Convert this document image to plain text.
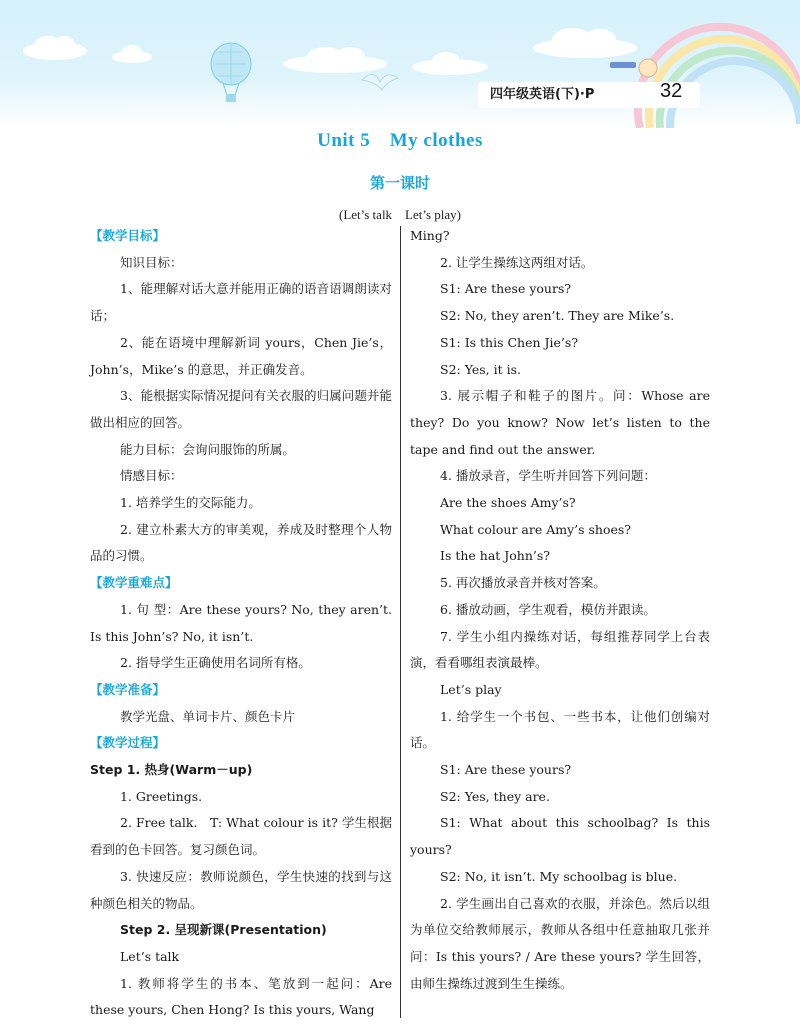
四年级英语(下)·P	32
Unit 5　My clothes
第一课时
(Let’s talk　Let’s play)

【教学目标】

知识目标：

1、能理解对话大意并能用正确的语音语调朗读对话；

2、能在语境中理解新词 yours，Chen Jie’s，John’s，Mike’s 的意思，并正确发音。

3、能根据实际情况提问有关衣服的归属问题并能做出相应的回答。

能力目标：会询问服饰的所属。

情感目标：

1. 培养学生的交际能力。

2. 建立朴素大方的审美观，养成及时整理个人物品的习惯。

【教学重难点】

1. 句 型：Are these yours? No, they aren’t. Is this John’s? No, it isn’t.

2. 指导学生正确使用名词所有格。

【教学准备】

教学光盘、单词卡片、颜色卡片

【教学过程】

Step 1. 热身(Warm－up)

1. Greetings.

2. Free talk.　T: What colour is it? 学生根据看到的色卡回答。复习颜色词。

3. 快速反应：教师说颜色，学生快速的找到与这种颜色相关的物品。

Step 2. 呈现新课(Presentation)

Let’s talk

1. 教师将学生的书本、笔放到一起问：Are these yours, Chen Hong? Is this yours, Wang

Ming?

2. 让学生操练这两组对话。

S1: Are these yours?

S2: No, they aren’t. They are Mike’s.

S1: Is this Chen Jie’s?

S2: Yes, it is.

3. 展示帽子和鞋子的图片。问：Whose are they? Do you know? Now let’s listen to the tape and find out the answer.

4. 播放录音，学生听并回答下列问题：

Are the shoes Amy’s?

What colour are Amy’s shoes?

Is the hat John’s?

5. 再次播放录音并核对答案。

6. 播放动画，学生观看，模仿并跟读。

7. 学生小组内操练对话，每组推荐同学上台表演，看看哪组表演最棒。

Let’s play

1. 给学生一个书包、一些书本，让他们创编对话。

S1: Are these yours?

S2: Yes, they are.

S1: What about this schoolbag? Is this yours?

S2: No, it isn’t. My schoolbag is blue.

2. 学生画出自己喜欢的衣服，并涂色。然后以组为单位交给教师展示，教师从各组中任意抽取几张并问：Is this yours? / Are these yours? 学生回答，由师生操练过渡到生生操练。
